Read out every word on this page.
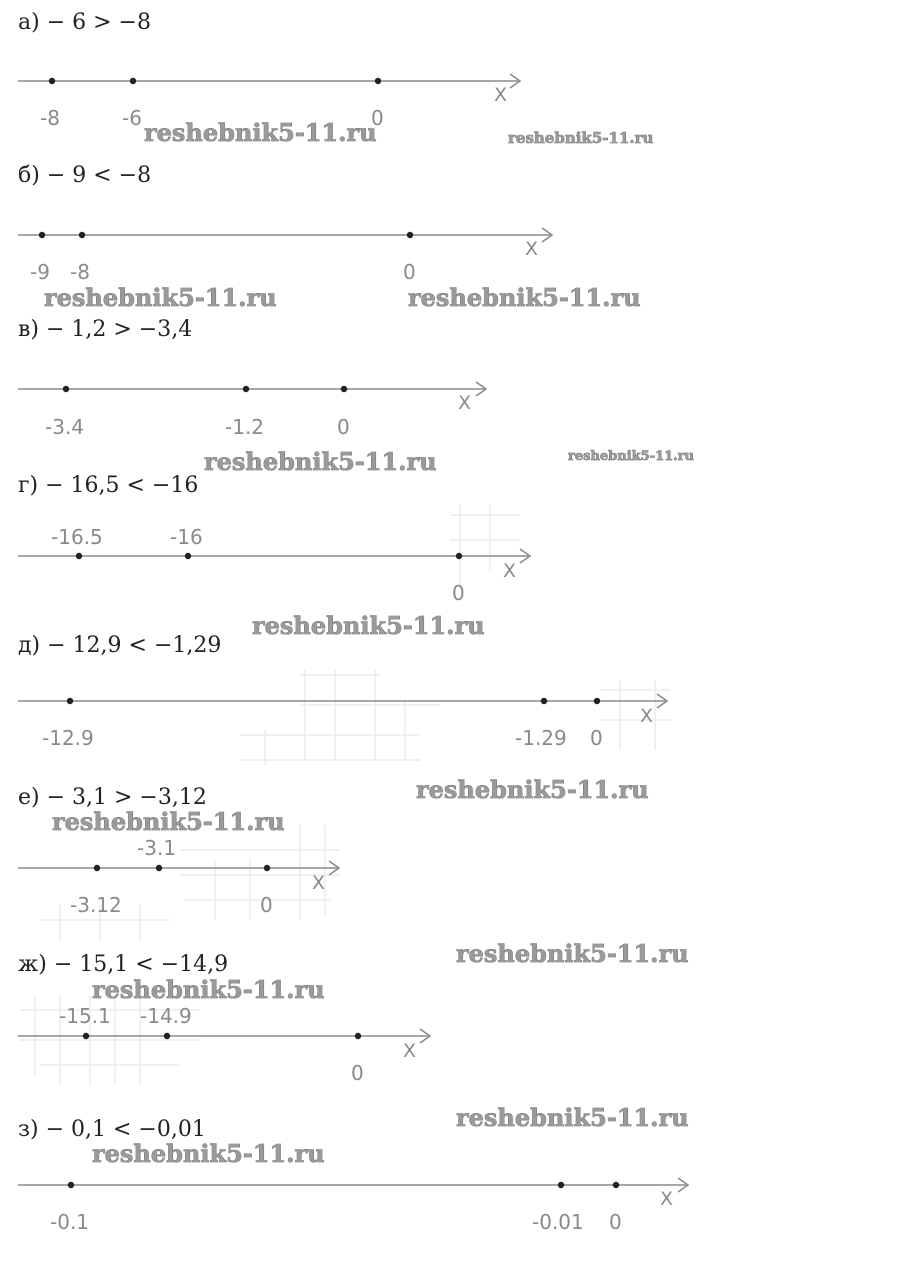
а) − 6 > −8
б) − 9 < −8
в) − 1,2 > −3,4
г) − 16,5 < −16
д) − 12,9 < −1,29
е) − 3,1 > −3,12
ж) − 15,1 < −14,9
з) − 0,1 < −0,01
X
-8	-6	0
X
-9 -8	0
X
-3.4	-1.2	0
X
-16.5	-16
0
X
-12.9	-1.29 0
X
-3.12
-3.1
0
X
-15.1 -14.9
0
X
-0.1	-0.01 0
reshebnik5-11.ru	reshebnik5-11.ru
reshebnik5-11.ru	reshebnik5-11.ru
reshebnik5-11.ru	reshebnik5-11.ru
reshebnik5-11.ru
reshebnik5-11.ru
reshebnik5-11.ru
reshebnik5-11.ru
reshebnik5-11.ru
reshebnik5-11.ru
reshebnik5-11.ru
